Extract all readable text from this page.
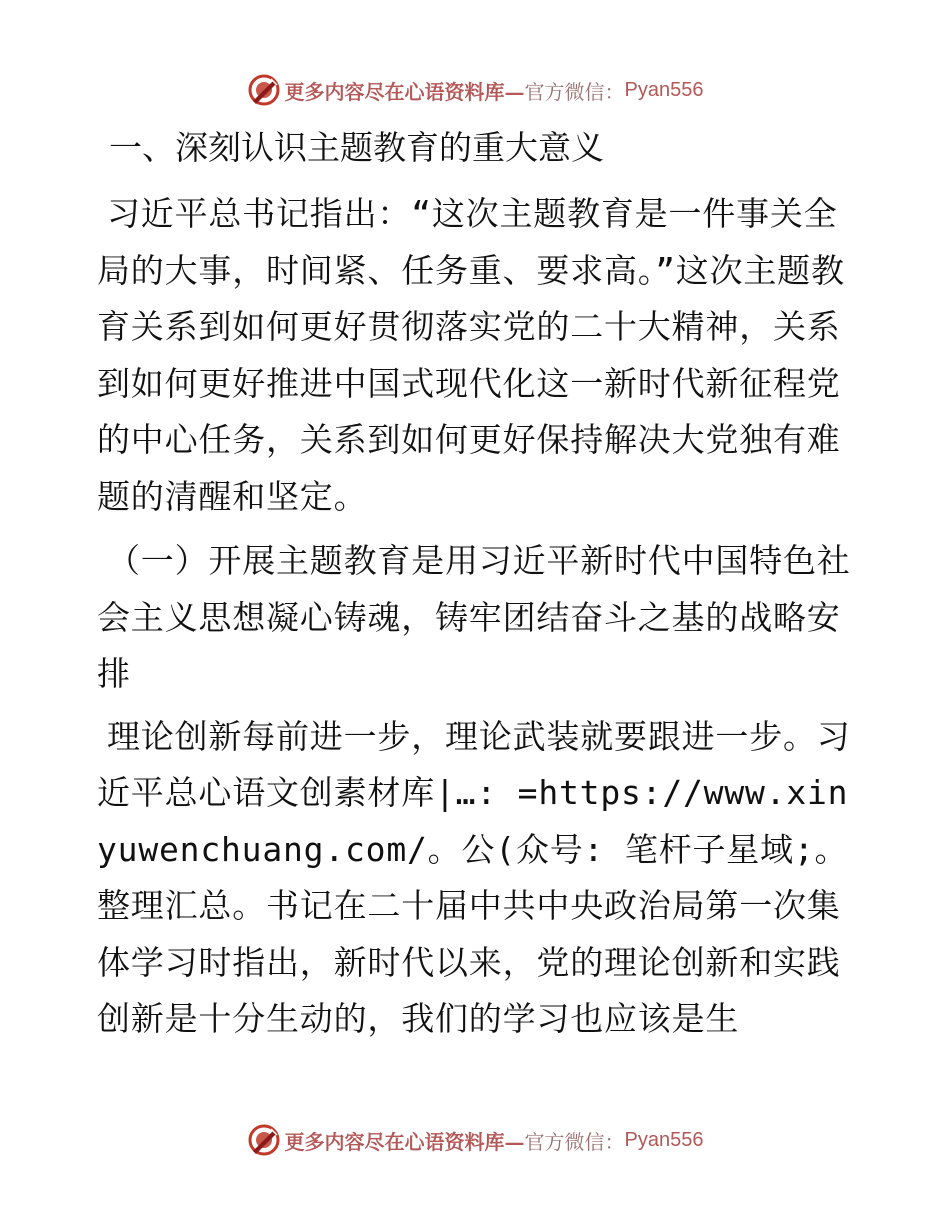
更多内容尽在心语资料库— 官方微信： Pyan556
一、深刻认识主题教育的重大意义

习近平总书记指出：“这次主题教育是一件事关全局的大事，时间紧、任务重、要求高。”这次主题教育关系到如何更好贯彻落实党的二十大精神，关系到如何更好推进中国式现代化这一新时代新征程党的中心任务，关系到如何更好保持解决大党独有难题的清醒和坚定。

（一）开展主题教育是用习近平新时代中国特色社会主义思想凝心铸魂，铸牢团结奋斗之基的战略安排

理论创新每前进一步，理论武装就要跟进一步。习近平总心语文创素材库|…: =https://www.xinyuwenchuang.com/。公(众号: 笔杆子星域;。整理汇总。书记在二十届中共中央政治局第一次集体学习时指出，新时代以来，党的理论创新和实践创新是十分生动的，我们的学习也应该是生

更多内容尽在心语资料库— 官方微信： Pyan556
